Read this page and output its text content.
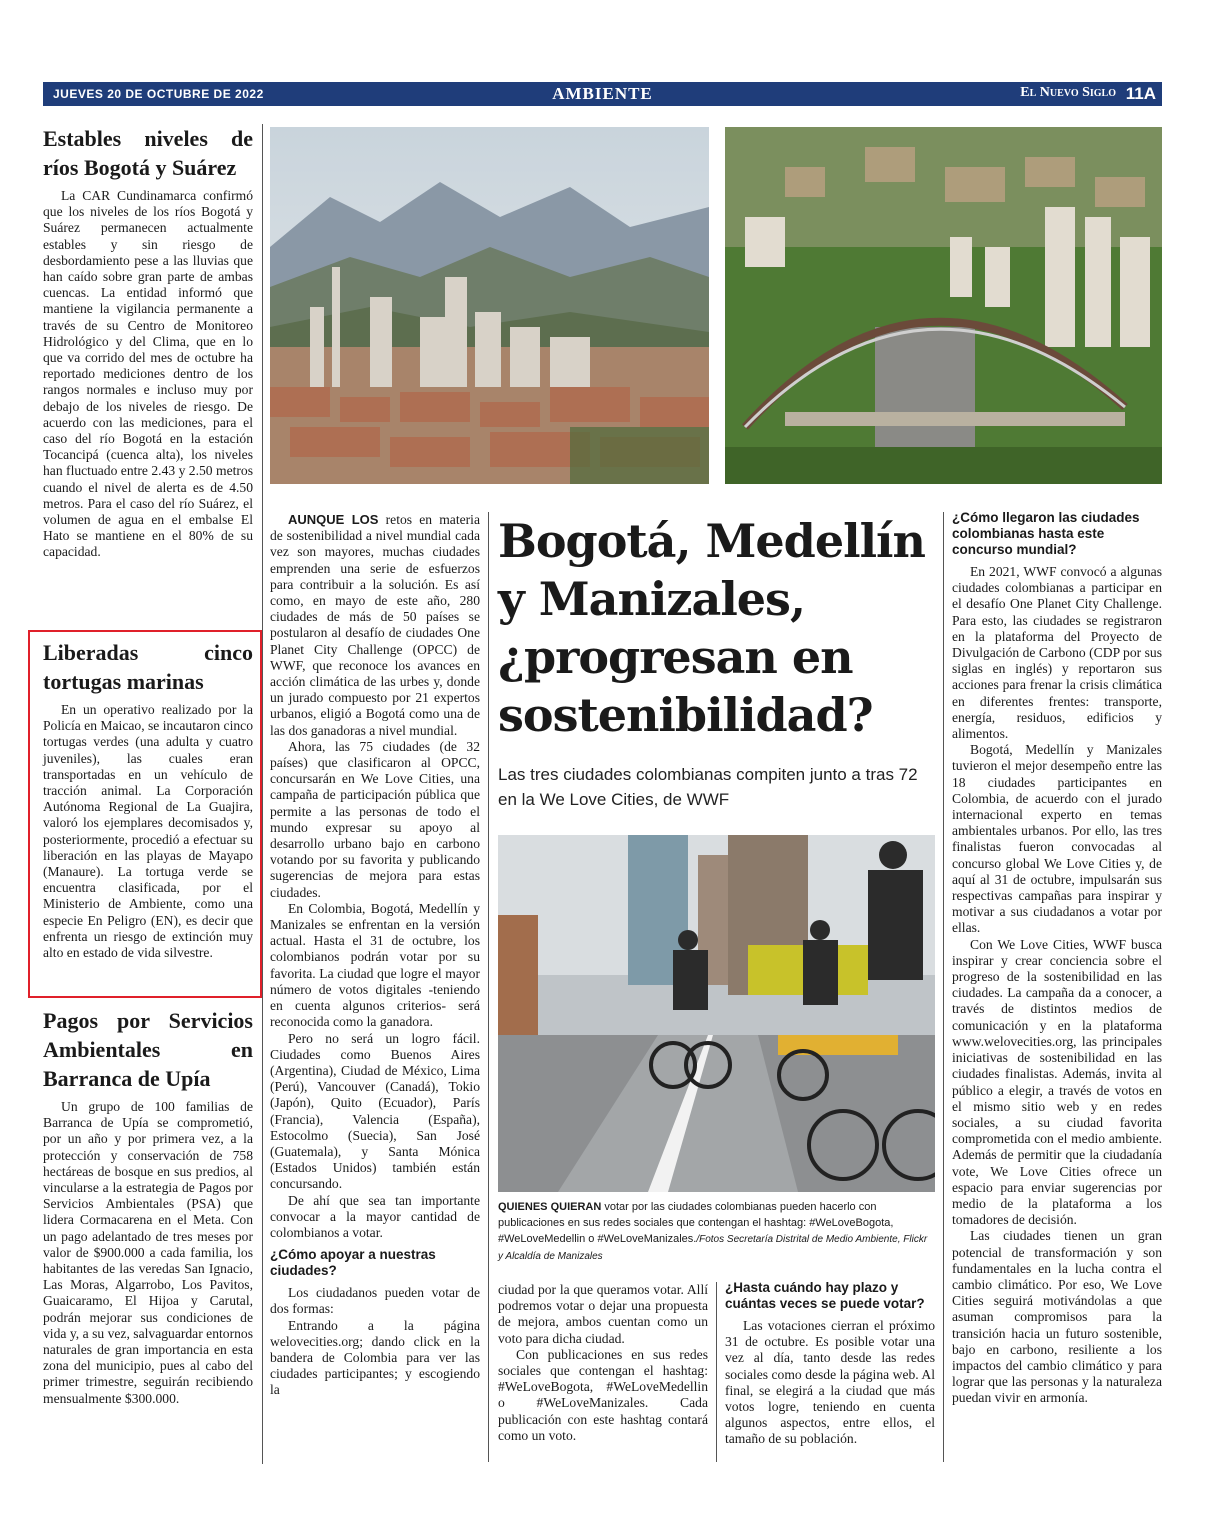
JUEVES 20 DE OCTUBRE DE 2022	AMBIENTE	El Nuevo Siglo 11A
Estables niveles de ríos Bogotá y Suárez

La CAR Cundinamarca confirmó que los niveles de los ríos Bogotá y Suárez permanecen actualmente estables y sin riesgo de desbordamiento pese a las lluvias que han caído sobre gran parte de ambas cuencas. La entidad informó que mantiene la vigilancia permanente a través de su Centro de Monitoreo Hidrológico y del Clima, que en lo que va corrido del mes de octubre ha reportado mediciones dentro de los rangos normales e incluso muy por debajo de los niveles de riesgo. De acuerdo con las mediciones, para el caso del río Bogotá en la estación Tocancipá (cuenca alta), los niveles han fluctuado entre 2.43 y 2.50 metros cuando el nivel de alerta es de 4.50 metros. Para el caso del río Suárez, el volumen de agua en el embalse El Hato se mantiene en el 80% de su capacidad.

Liberadas cinco tortugas marinas

En un operativo realizado por la Policía en Maicao, se incautaron cinco tortugas verdes (una adulta y cuatro juveniles), las cuales eran transportadas en un vehículo de tracción animal. La Corporación Autónoma Regional de La Guajira, valoró los ejemplares decomisados y, posteriormente, procedió a efectuar su liberación en las playas de Mayapo (Manaure). La tortuga verde se encuentra clasificada, por el Ministerio de Ambiente, como una especie En Peligro (EN), es decir que enfrenta un riesgo de extinción muy alto en estado de vida silvestre.

Pagos por Servicios Ambientales en Barranca de Upía

Un grupo de 100 familias de Barranca de Upía se comprometió, por un año y por primera vez, a la protección y conservación de 758 hectáreas de bosque en sus predios, al vincularse a la estrategia de Pagos por Servicios Ambientales (PSA) que lidera Cormacarena en el Meta. Con un pago adelantado de tres meses por valor de $900.000 a cada familia, los habitantes de las veredas San Ignacio, Las Moras, Algarrobo, Los Pavitos, Guaicaramo, El Hijoa y Carutal, podrán mejorar sus condiciones de vida y, a su vez, salvaguardar entornos naturales de gran importancia en esta zona del municipio, pues al cabo del primer trimestre, seguirán recibiendo mensualmente $300.000.

AUNQUE LOS retos en materia de sostenibilidad a nivel mundial cada vez son mayores, muchas ciudades emprenden una serie de esfuerzos para contribuir a la solución. Es así como, en mayo de este año, 280 ciudades de más de 50 países se postularon al desafío de ciudades One Planet City Challenge (OPCC) de WWF, que reconoce los avances en acción climática de las urbes y, donde un jurado compuesto por 21 expertos urbanos, eligió a Bogotá como una de las dos ganadoras a nivel mundial.

Ahora, las 75 ciudades (de 32 países) que clasificaron al OPCC, concursarán en We Love Cities, una campaña de participación pública que permite a las personas de todo el mundo expresar su apoyo al desarrollo urbano bajo en carbono votando por su favorita y publicando sugerencias de mejora para estas ciudades.

En Colombia, Bogotá, Medellín y Manizales se enfrentan en la versión actual. Hasta el 31 de octubre, los colombianos podrán votar por su favorita. La ciudad que logre el mayor número de votos digitales -teniendo en cuenta algunos criterios- será reconocida como la ganadora.

Pero no será un logro fácil. Ciudades como Buenos Aires (Argentina), Ciudad de México, Lima (Perú), Vancouver (Canadá), Tokio (Japón), Quito (Ecuador), París (Francia), Valencia (España), Estocolmo (Suecia), San José (Guatemala), y Santa Mónica (Estados Unidos) también están concursando.

De ahí que sea tan importante convocar a la mayor cantidad de colombianos a votar.

¿Cómo apoyar a nuestras ciudades?

Los ciudadanos pueden votar de dos formas:

Entrando a la página welovecities.org; dando click en la bandera de Colombia para ver las ciudades participantes; y escogiendo la

Bogotá, Medellín y Manizales, ¿progresan en sostenibilidad?
Las tres ciudades colombianas compiten junto a tras 72 en la We Love Cities, de WWF
QUIENES QUIERAN votar por las ciudades colombianas pueden hacerlo con publicaciones en sus redes sociales que contengan el hashtag: #WeLoveBogota, #WeLoveMedellin o #WeLoveManizales./Fotos Secretaría Distrital de Medio Ambiente, Flickr y Alcaldía de Manizales

ciudad por la que queramos votar. Allí podremos votar o dejar una propuesta de mejora, ambos cuentan como un voto para dicha ciudad.

Con publicaciones en sus redes sociales que contengan el hashtag: #WeLoveBogota, #WeLoveMedellin o #WeLoveManizales. Cada publicación con este hashtag contará como un voto.

¿Hasta cuándo hay plazo y cuántas veces se puede votar?

Las votaciones cierran el próximo 31 de octubre. Es posible votar una vez al día, tanto desde las redes sociales como desde la página web. Al final, se elegirá a la ciudad que más votos logre, teniendo en cuenta algunos aspectos, entre ellos, el tamaño de su población.

¿Cómo llegaron las ciudades colombianas hasta este concurso mundial?

En 2021, WWF convocó a algunas ciudades colombianas a participar en el desafío One Planet City Challenge. Para esto, las ciudades se registraron en la plataforma del Proyecto de Divulgación de Carbono (CDP por sus siglas en inglés) y reportaron sus acciones para frenar la crisis climática en diferentes frentes: transporte, energía, residuos, edificios y alimentos.

Bogotá, Medellín y Manizales tuvieron el mejor desempeño entre las 18 ciudades participantes en Colombia, de acuerdo con el jurado internacional experto en temas ambientales urbanos. Por ello, las tres finalistas fueron convocadas al concurso global We Love Cities y, de aquí al 31 de octubre, impulsarán sus respectivas campañas para inspirar y motivar a sus ciudadanos a votar por ellas.

Con We Love Cities, WWF busca inspirar y crear conciencia sobre el progreso de la sostenibilidad en las ciudades. La campaña da a conocer, a través de distintos medios de comunicación y en la plataforma www.welovecities.org, las principales iniciativas de sostenibilidad en las ciudades finalistas. Además, invita al público a elegir, a través de votos en el mismo sitio web y en redes sociales, a su ciudad favorita comprometida con el medio ambiente. Además de permitir que la ciudadanía vote, We Love Cities ofrece un espacio para enviar sugerencias por medio de la plataforma a los tomadores de decisión.

Las ciudades tienen un gran potencial de transformación y son fundamentales en la lucha contra el cambio climático. Por eso, We Love Cities seguirá motivándolas a que asuman compromisos para la transición hacia un futuro sostenible, bajo en carbono, resiliente a los impactos del cambio climático y para lograr que las personas y la naturaleza puedan vivir en armonía.
